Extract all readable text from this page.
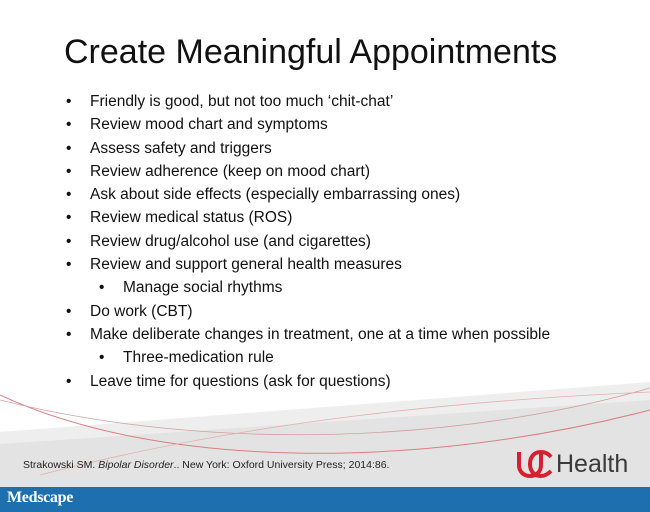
Create Meaningful Appointments
• Friendly is good, but not too much ‘chit-chat’
• Review mood chart and symptoms
• Assess safety and triggers
• Review adherence (keep on mood chart)
• Ask about side effects (especially embarrassing ones)
• Review medical status (ROS)
• Review drug/alcohol use (and cigarettes)
• Review and support general health measures
• Manage social rhythms
• Do work (CBT)
• Make deliberate changes in treatment, one at a time when possible
• Three-medication rule
• Leave time for questions (ask for questions)
Strakowski SM. Bipolar Disorder.. New York: Oxford University Press; 2014:86.	Health
Medscape
